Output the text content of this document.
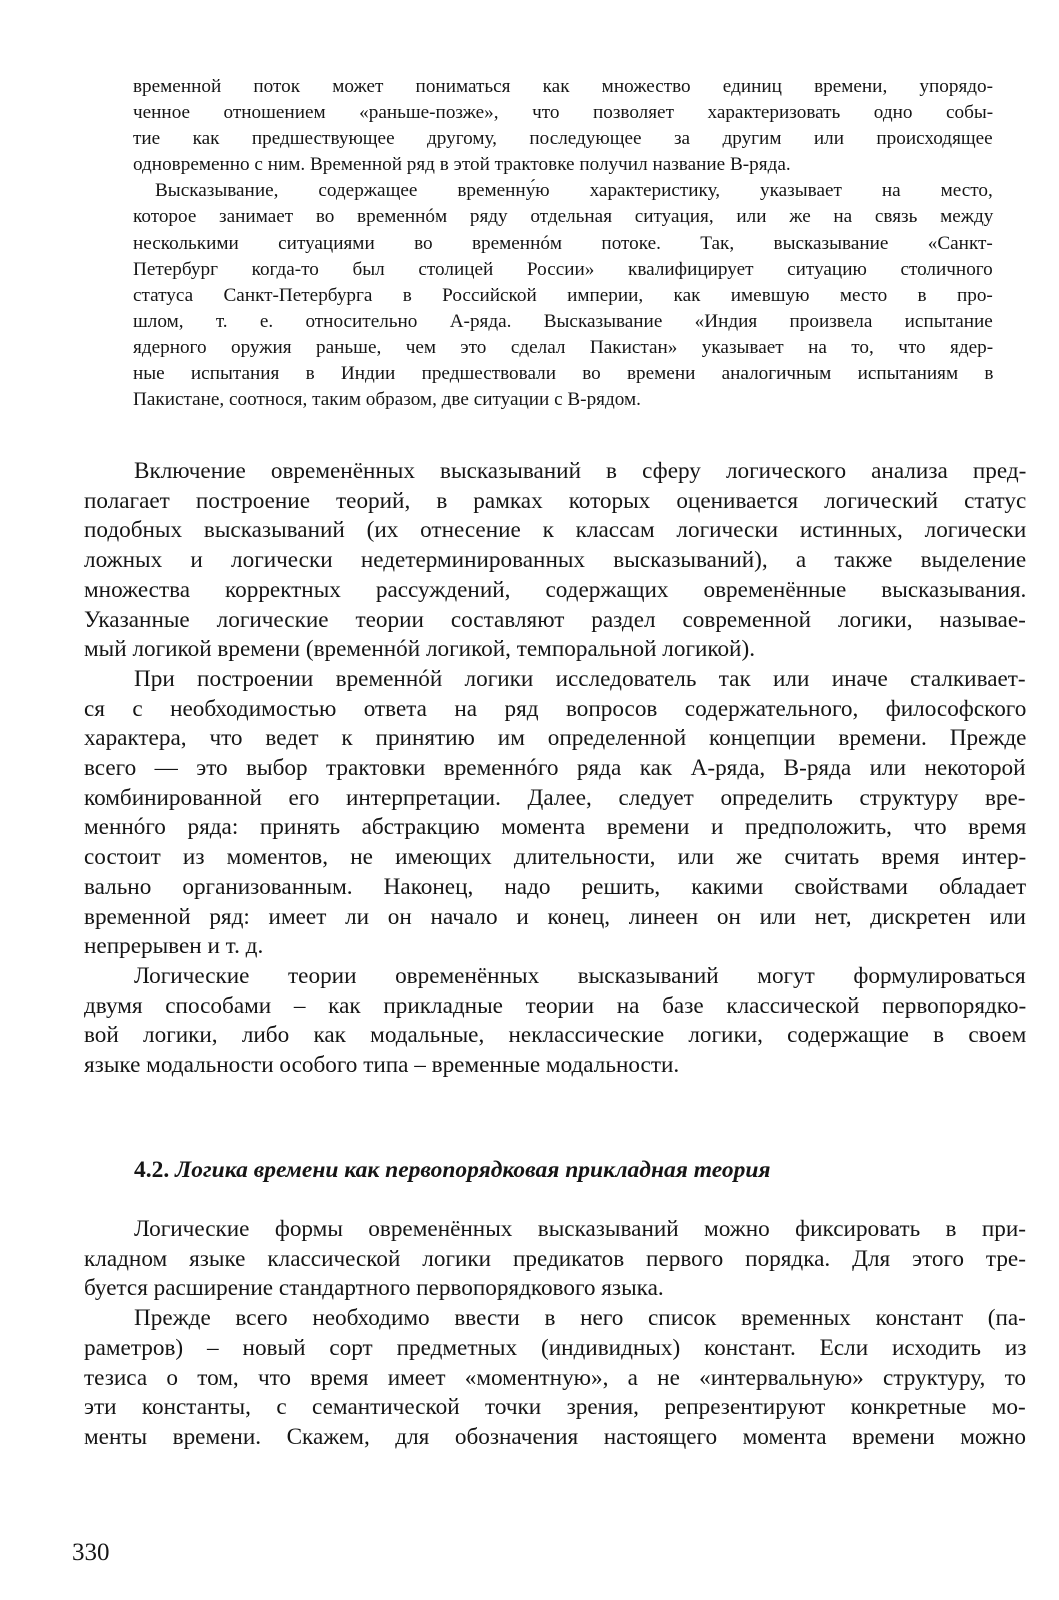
временной поток может пониматься как множество единиц времени, упорядо-
ченное отношением «раньше-позже», что позволяет характеризовать одно собы-
тие как предшествующее другому, последующее за другим или происходящее
одновременно с ним. Временной ряд в этой трактовке получил название В-ряда.
Высказывание, содержащее временну́ю характеристику, указывает на место,
которое занимает во временнóм ряду отдельная ситуация, или же на связь между
несколькими ситуациями во временнóм потоке. Так, высказывание «Санкт-
Петербург когда-то был столицей России» квалифицирует ситуацию столичного
статуса Санкт-Петербурга в Российской империи, как имевшую место в про-
шлом, т. е. относительно А-ряда. Высказывание «Индия произвела испытание
ядерного оружия раньше, чем это сделал Пакистан» указывает на то, что ядер-
ные испытания в Индии предшествовали во времени аналогичным испытаниям в
Пакистане, соотнося, таким образом, две ситуации с В-рядом.
Включение овременённых высказываний в сферу логического анализа пред-
полагает построение теорий, в рамках которых оценивается логический статус
подобных высказываний (их отнесение к классам логически истинных, логически
ложных и логически недетерминированных высказываний), а также выделение
множества корректных рассуждений, содержащих овременённые высказывания.
Указанные логические теории составляют раздел современной логики, называе-
мый логикой времени (временнóй логикой, темпоральной логикой).
При построении временнóй логики исследователь так или иначе сталкивает-
ся с необходимостью ответа на ряд вопросов содержательного, философского
характера, что ведет к принятию им определенной концепции времени. Прежде
всего — это выбор трактовки временнóго ряда как А-ряда, В-ряда или некоторой
комбинированной его интерпретации. Далее, следует определить структуру вре-
меннóго ряда: принять абстракцию момента времени и предположить, что время
состоит из моментов, не имеющих длительности, или же считать время интер-
вально организованным. Наконец, надо решить, какими свойствами обладает
временной ряд: имеет ли он начало и конец, линеен он или нет, дискретен или
непрерывен и т. д.
Логические теории овременённых высказываний могут формулироваться
двумя способами – как прикладные теории на базе классической первопорядко-
вой логики, либо как модальные, неклассические логики, содержащие в своем
языке модальности особого типа – временные модальности.
4.2. Логика времени как первопорядковая прикладная теория
Логические формы овременённых высказываний можно фиксировать в при-
кладном языке классической логики предикатов первого порядка. Для этого тре-
буется расширение стандартного первопорядкового языка.
Прежде всего необходимо ввести в него список временных констант (па-
раметров) – новый сорт предметных (индивидных) констант. Если исходить из
тезиса о том, что время имеет «моментную», а не «интервальную» структуру, то
эти константы, с семантической точки зрения, репрезентируют конкретные мо-
менты времени. Скажем, для обозначения настоящего момента времени можно
330
